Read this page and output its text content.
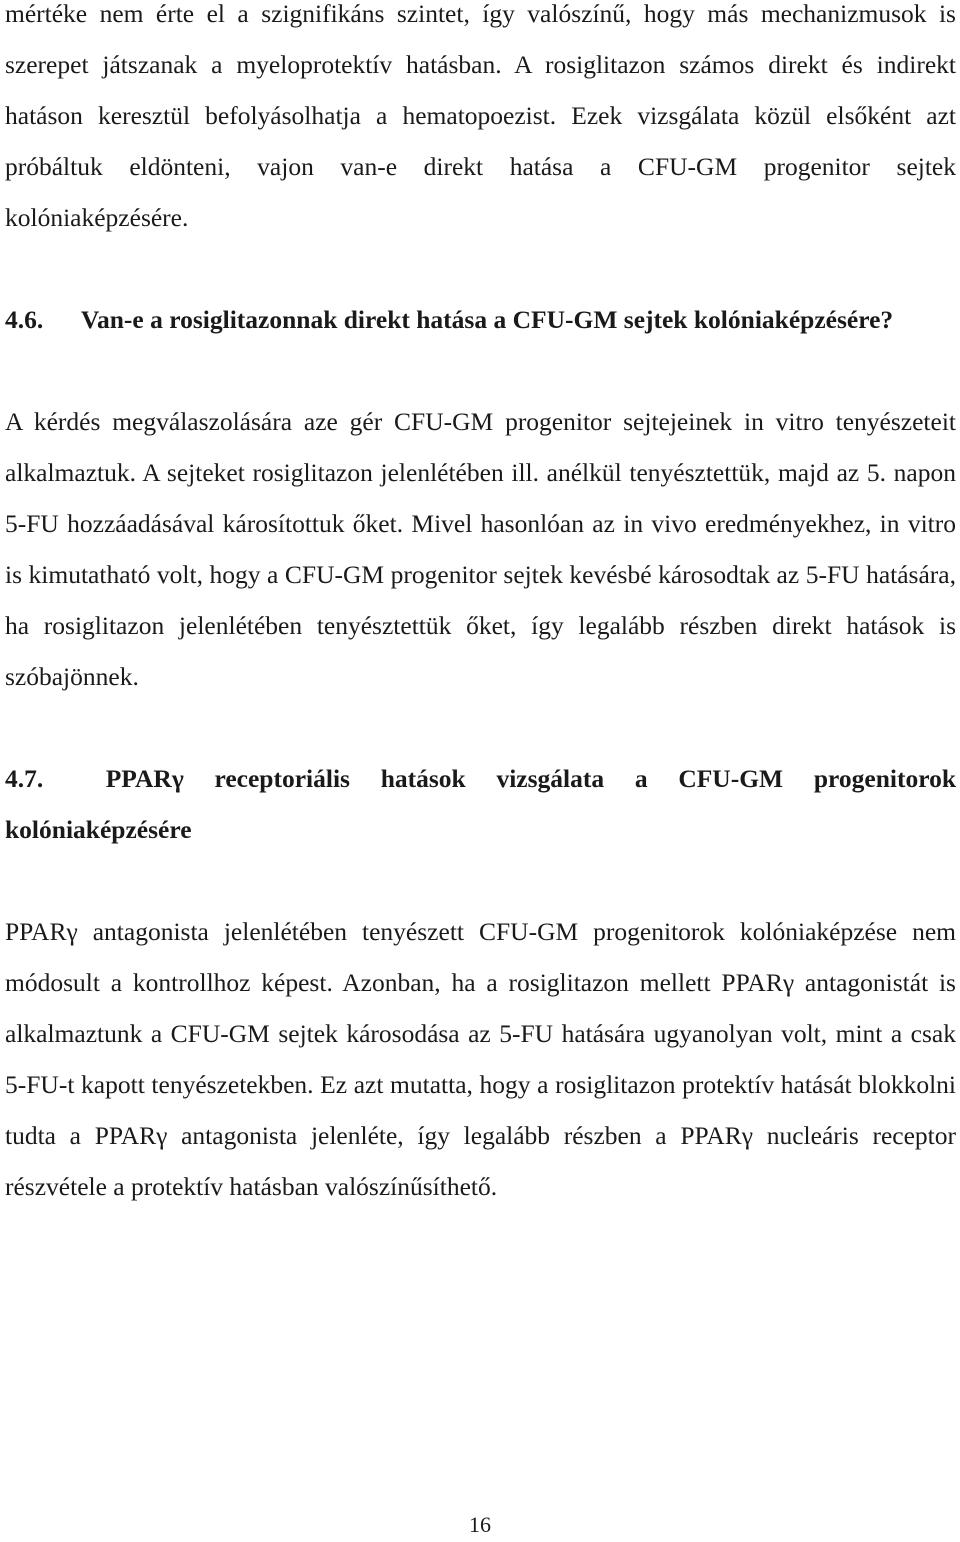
mértéke nem érte el a szignifikáns szintet, így valószínű, hogy más mechanizmusok is szerepet játszanak a myeloprotektív hatásban. A rosiglitazon számos direkt és indirekt hatáson keresztül befolyásolhatja a hematopoezist. Ezek vizsgálata közül elsőként azt próbáltuk eldönteni, vajon van-e direkt hatása a CFU-GM progenitor sejtek kolóniaképzésére.

4.6. Van-e a rosiglitazonnak direkt hatása a CFU-GM sejtek kolóniaképzésére?

A kérdés megválaszolására aze gér CFU-GM progenitor sejtejeinek in vitro tenyészeteit alkalmaztuk. A sejteket rosiglitazon jelenlétében ill. anélkül tenyésztettük, majd az 5. napon 5-FU hozzáadásával károsítottuk őket. Mivel hasonlóan az in vivo eredményekhez, in vitro is kimutatható volt, hogy a CFU-GM progenitor sejtek kevésbé károsodtak az 5-FU hatására, ha rosiglitazon jelenlétében tenyésztettük őket, így legalább részben direkt hatások is szóbajönnek.

4.7. PPARγ receptoriális hatások vizsgálata a CFU-GM progenitorok kolóniaképzésére

PPARγ antagonista jelenlétében tenyészett CFU-GM progenitorok kolóniaképzése nem módosult a kontrollhoz képest. Azonban, ha a rosiglitazon mellett PPARγ antagonistát is alkalmaztunk a CFU-GM sejtek károsodása az 5-FU hatására ugyanolyan volt, mint a csak 5-FU-t kapott tenyészetekben. Ez azt mutatta, hogy a rosiglitazon protektív hatását blokkolni tudta a PPARγ antagonista jelenléte, így legalább részben a PPARγ nucleáris receptor részvétele a protektív hatásban valószínűsíthető.

16
